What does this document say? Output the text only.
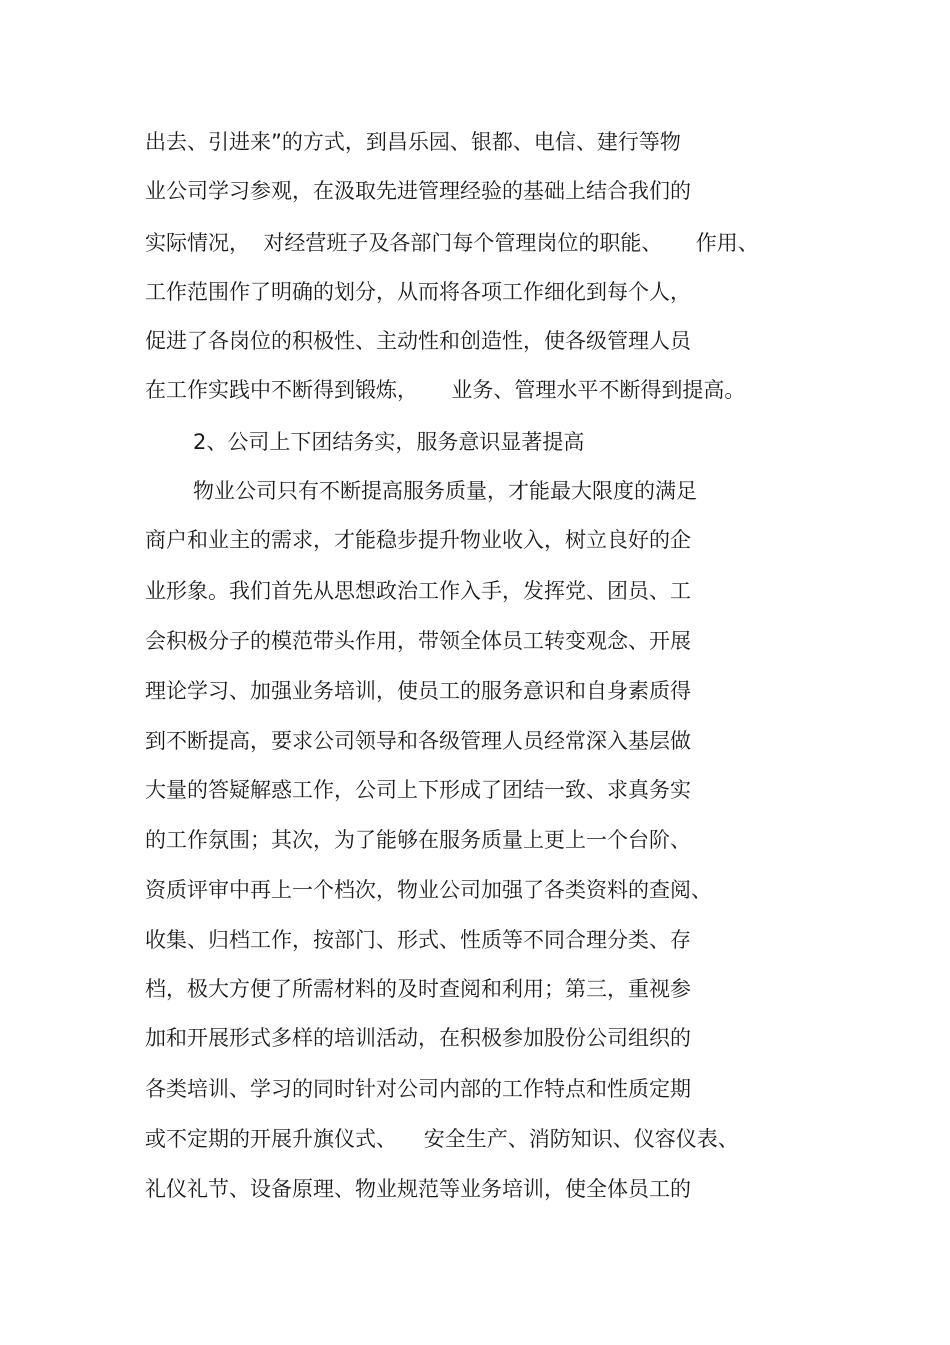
出去、引进来”的方式，到昌乐园、银都、电信、建行等物
业公司学习参观，在汲取先进管理经验的基础上结合我们的
实际情况，  对经营班子及各部门每个管理岗位的职能、     作用、
工作范围作了明确的划分，从而将各项工作细化到每个人，
促进了各岗位的积极性、主动性和创造性，使各级管理人员
在工作实践中不断得到锻炼，     业务、管理水平不断得到提高。
2、公司上下团结务实，服务意识显著提高
物业公司只有不断提高服务质量，才能最大限度的满足
商户和业主的需求，才能稳步提升物业收入，树立良好的企
业形象。我们首先从思想政治工作入手，发挥党、团员、工
会积极分子的模范带头作用，带领全体员工转变观念、开展
理论学习、加强业务培训，使员工的服务意识和自身素质得
到不断提高，要求公司领导和各级管理人员经常深入基层做
大量的答疑解惑工作，公司上下形成了团结一致、求真务实
的工作氛围；其次，为了能够在服务质量上更上一个台阶、
资质评审中再上一个档次，物业公司加强了各类资料的查阅、
收集、归档工作，按部门、形式、性质等不同合理分类、存
档，极大方便了所需材料的及时查阅和利用；第三，重视参
加和开展形式多样的培训活动，在积极参加股份公司组织的
各类培训、学习的同时针对公司内部的工作特点和性质定期
或不定期的开展升旗仪式、    安全生产、消防知识、仪容仪表、
礼仪礼节、设备原理、物业规范等业务培训，使全体员工的
